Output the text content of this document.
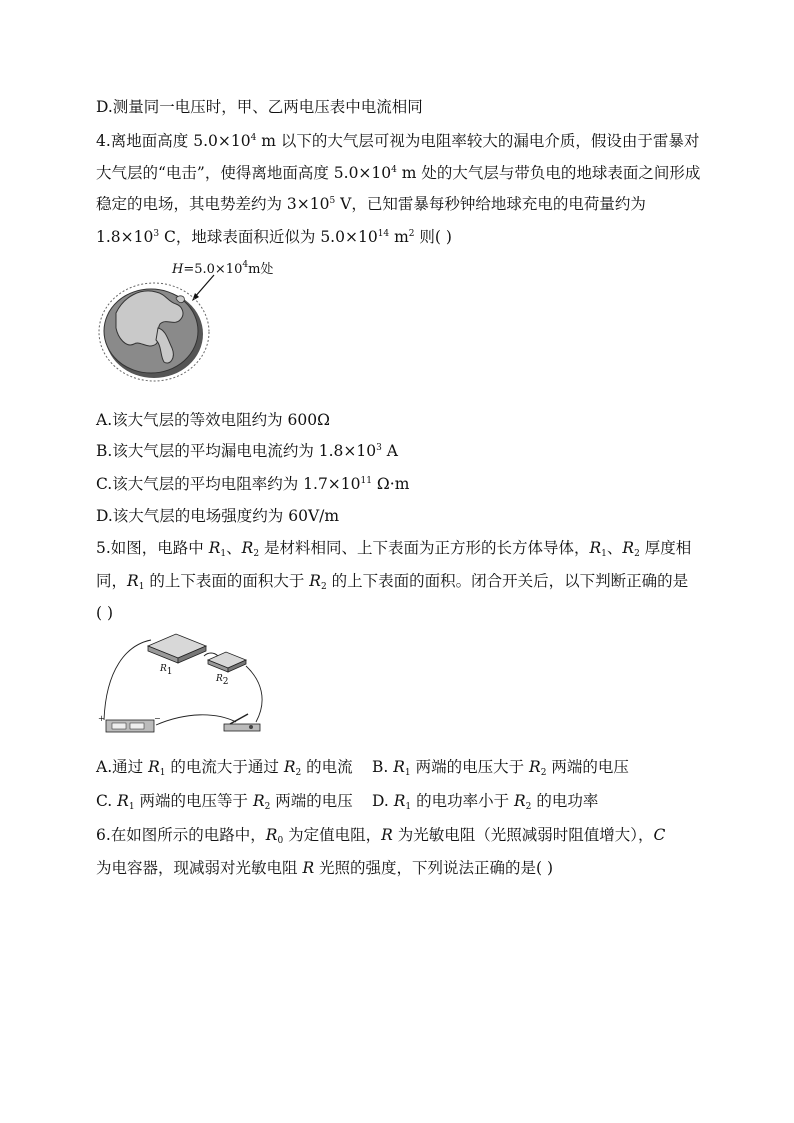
D.测量同一电压时，甲、乙两电压表中电流相同
4.离地面高度 $5.0\times 10^4$ m 以下的大气层可视为电阻率较大的漏电介质，假设由于雷暴对
大气层的“电击”，使得离地面高度 $5.0\times 10^4$ m 处的大气层与带负电的地球表面之间形成
稳定的电场，其电势差约为 $3\times 10^5$ V，已知雷暴每秒钟给地球充电的电荷量约为
$1.8\times 10^3$ C，地球表面积近似为 $5.0\times 10^{14}$ $m^2$ 则( )
$H=5.0\times 10^4m$处
A.该大气层的等效电阻约为 600Ω
B.该大气层的平均漏电电流约为 $1.8\times 10^3$ A
C.该大气层的平均电阻率约为 $1.7\times 10^{11}$ Ω·m
D.该大气层的电场强度约为 60V/m
5.如图，电路中 $R_1$、$R_2$ 是材料相同、上下表面为正方形的长方体导体，$R_1$、$R_2$ 厚度相
同，$R_1$ 的上下表面的面积大于 $R_2$ 的上下表面的面积。闭合开关后，以下判断正确的是
( )
$R_1$
$R_2$
+	−
A.通过 $R_1$ 的电流大于通过 $R_2$ 的电流 B. $R_1$ 两端的电压大于 $R_2$ 两端的电压
C. $R_1$ 两端的电压等于 $R_2$ 两端的电压 D. $R_1$ 的电功率小于 $R_2$ 的电功率
6.在如图所示的电路中，$R_0$ 为定值电阻，R 为光敏电阻（光照减弱时阻值增大），C
为电容器，现减弱对光敏电阻 R 光照的强度，下列说法正确的是( )
